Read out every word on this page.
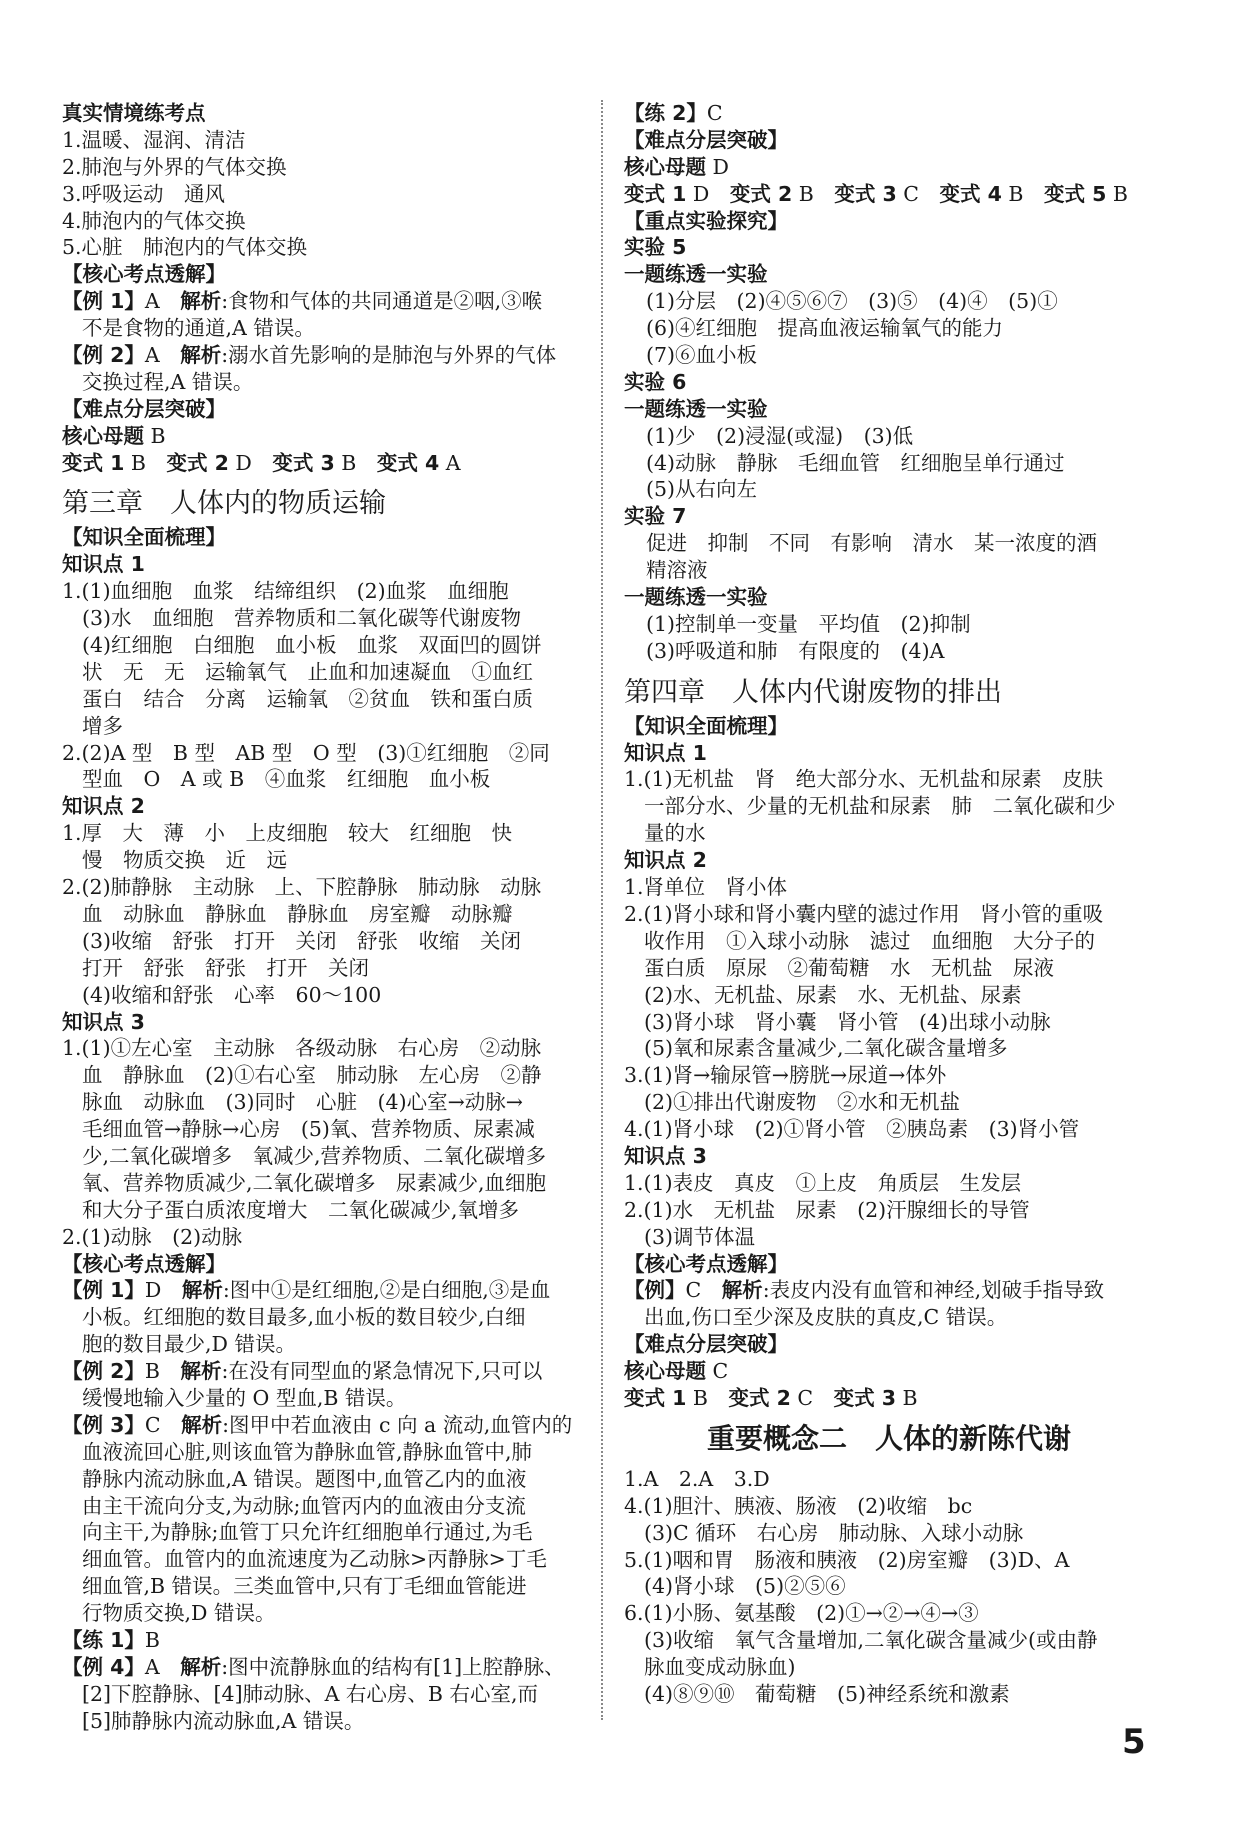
真实情境练考点
1.温暖、湿润、清洁
2.肺泡与外界的气体交换
3.呼吸运动　通风
4.肺泡内的气体交换
5.心脏　肺泡内的气体交换
【核心考点透解】
【例 1】A　解析:食物和气体的共同通道是②咽,③喉
不是食物的通道,A 错误。
【例 2】A　解析:溺水首先影响的是肺泡与外界的气体
交换过程,A 错误。
【难点分层突破】
核心母题 B
变式 1 B　变式 2 D　变式 3 B　变式 4 A
第三章　人体内的物质运输
【知识全面梳理】
知识点 1
1.(1)血细胞　血浆　结缔组织　(2)血浆　血细胞
(3)水　血细胞　营养物质和二氧化碳等代谢废物
(4)红细胞　白细胞　血小板　血浆　双面凹的圆饼
状　无　无　运输氧气　止血和加速凝血　①血红
蛋白　结合　分离　运输氧　②贫血　铁和蛋白质
增多
2.(2)A 型　B 型　AB 型　O 型　(3)①红细胞　②同
型血　O　A 或 B　④血浆　红细胞　血小板
知识点 2
1.厚　大　薄　小　上皮细胞　较大　红细胞　快
慢　物质交换　近　远
2.(2)肺静脉　主动脉　上、下腔静脉　肺动脉　动脉
血　动脉血　静脉血　静脉血　房室瓣　动脉瓣
(3)收缩　舒张　打开　关闭　舒张　收缩　关闭
打开　舒张　舒张　打开　关闭
(4)收缩和舒张　心率　60～100
知识点 3
1.(1)①左心室　主动脉　各级动脉　右心房　②动脉
血　静脉血　(2)①右心室　肺动脉　左心房　②静
脉血　动脉血　(3)同时　心脏　(4)心室→动脉→
毛细血管→静脉→心房　(5)氧、营养物质、尿素减
少,二氧化碳增多　氧减少,营养物质、二氧化碳增多
氧、营养物质减少,二氧化碳增多　尿素减少,血细胞
和大分子蛋白质浓度增大　二氧化碳减少,氧增多
2.(1)动脉　(2)动脉
【核心考点透解】
【例 1】D　解析:图中①是红细胞,②是白细胞,③是血
小板。红细胞的数目最多,血小板的数目较少,白细
胞的数目最少,D 错误。
【例 2】B　解析:在没有同型血的紧急情况下,只可以
缓慢地输入少量的 O 型血,B 错误。
【例 3】C　解析:图甲中若血液由 c 向 a 流动,血管内的
血液流回心脏,则该血管为静脉血管,静脉血管中,肺
静脉内流动脉血,A 错误。题图中,血管乙内的血液
由主干流向分支,为动脉;血管丙内的血液由分支流
向主干,为静脉;血管丁只允许红细胞单行通过,为毛
细血管。血管内的血流速度为乙动脉>丙静脉>丁毛
细血管,B 错误。三类血管中,只有丁毛细血管能进
行物质交换,D 错误。
【练 1】B
【例 4】A　解析:图中流静脉血的结构有[1]上腔静脉、
[2]下腔静脉、[4]肺动脉、A 右心房、B 右心室,而
[5]肺静脉内流动脉血,A 错误。
【练 2】C
【难点分层突破】
核心母题 D
变式 1 D　变式 2 B　变式 3 C　变式 4 B　变式 5 B
【重点实验探究】
实验 5
一题练透一实验
(1)分层　(2)④⑤⑥⑦　(3)⑤　(4)④　(5)①
(6)④红细胞　提高血液运输氧气的能力
(7)⑥血小板
实验 6
一题练透一实验
(1)少　(2)浸湿(或湿)　(3)低
(4)动脉　静脉　毛细血管　红细胞呈单行通过
(5)从右向左
实验 7
促进　抑制　不同　有影响　清水　某一浓度的酒
精溶液
一题练透一实验
(1)控制单一变量　平均值　(2)抑制
(3)呼吸道和肺　有限度的　(4)A
第四章　人体内代谢废物的排出
【知识全面梳理】
知识点 1
1.(1)无机盐　肾　绝大部分水、无机盐和尿素　皮肤
一部分水、少量的无机盐和尿素　肺　二氧化碳和少
量的水
知识点 2
1.肾单位　肾小体
2.(1)肾小球和肾小囊内壁的滤过作用　肾小管的重吸
收作用　①入球小动脉　滤过　血细胞　大分子的
蛋白质　原尿　②葡萄糖　水　无机盐　尿液
(2)水、无机盐、尿素　水、无机盐、尿素
(3)肾小球　肾小囊　肾小管　(4)出球小动脉
(5)氧和尿素含量减少,二氧化碳含量增多
3.(1)肾→输尿管→膀胱→尿道→体外
(2)①排出代谢废物　②水和无机盐
4.(1)肾小球　(2)①肾小管　②胰岛素　(3)肾小管
知识点 3
1.(1)表皮　真皮　①上皮　角质层　生发层
2.(1)水　无机盐　尿素　(2)汗腺细长的导管
(3)调节体温
【核心考点透解】
【例】C　解析:表皮内没有血管和神经,划破手指导致
出血,伤口至少深及皮肤的真皮,C 错误。
【难点分层突破】
核心母题 C
变式 1 B　变式 2 C　变式 3 B
重要概念二　人体的新陈代谢
1.A　2.A　3.D
4.(1)胆汁、胰液、肠液　(2)收缩　bc
(3)C 循环　右心房　肺动脉、入球小动脉
5.(1)咽和胃　肠液和胰液　(2)房室瓣　(3)D、A
(4)肾小球　(5)②⑤⑥
6.(1)小肠、氨基酸　(2)①→②→④→③
(3)收缩　氧气含量增加,二氧化碳含量减少(或由静
脉血变成动脉血)
(4)⑧⑨⑩　葡萄糖　(5)神经系统和激素
5
